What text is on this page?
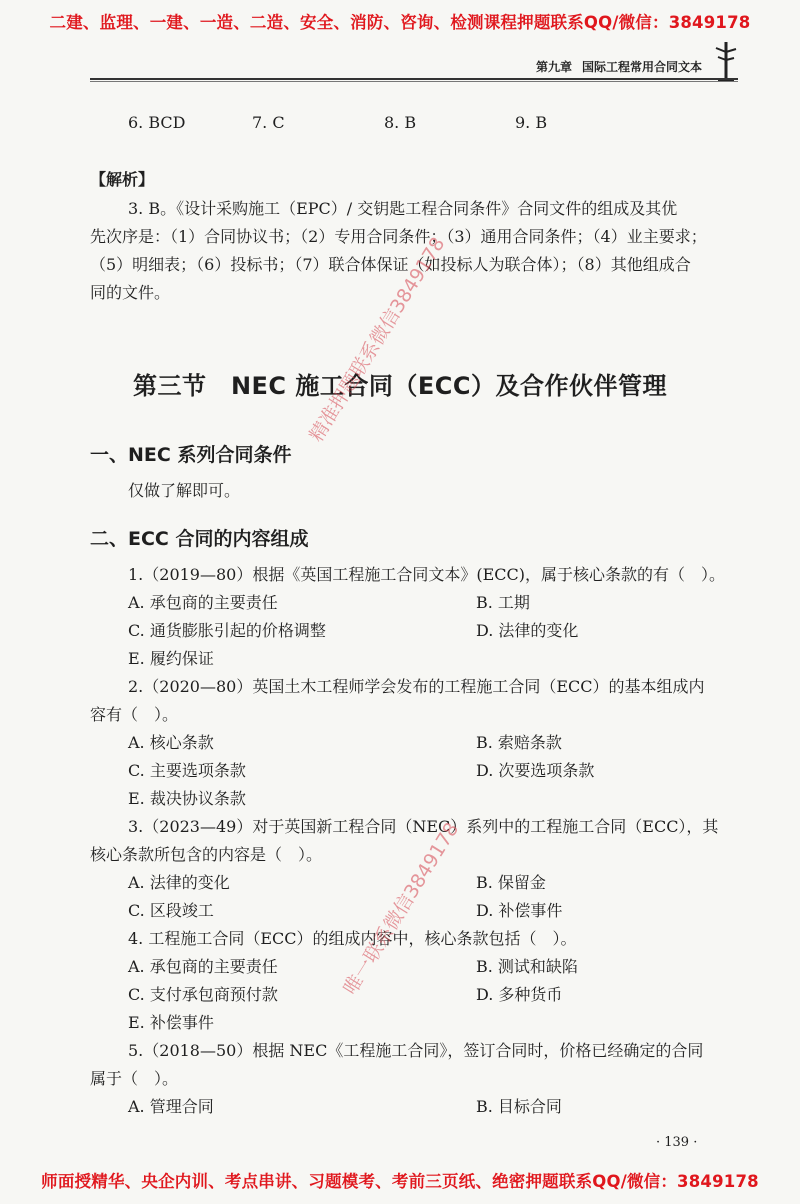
二建、监理、一建、一造、二造、安全、消防、咨询、检测课程押题联系QQ/微信：3849178
第九章 国际工程常用合同文本
6. BCD	7. C	8. B	9. B
【解析】
3. B。《设计采购施工（EPC）/ 交钥匙工程合同条件》合同文件的组成及其优
先次序是：（1）合同协议书；（2）专用合同条件；（3）通用合同条件；（4）业主要求；
（5）明细表；（6）投标书；（7）联合体保证（如投标人为联合体）；（8）其他组成合
同的文件。
第三节　NEC 施工合同（ECC）及合作伙伴管理
一、NEC 系列合同条件
仅做了解即可。
二、ECC 合同的内容组成
1.（2019—80）根据《英国工程施工合同文本》(ECC)，属于核心条款的有（　）。
A. 承包商的主要责任	B. 工期
C. 通货膨胀引起的价格调整	D. 法律的变化
E. 履约保证
2.（2020—80）英国土木工程师学会发布的工程施工合同（ECC）的基本组成内
容有（　）。
A. 核心条款	B. 索赔条款
C. 主要选项条款	D. 次要选项条款
E. 裁决协议条款
3.（2023—49）对于英国新工程合同（NEC）系列中的工程施工合同（ECC），其
核心条款所包含的内容是（　）。
A. 法律的变化	B. 保留金
C. 区段竣工	D. 补偿事件
4. 工程施工合同（ECC）的组成内容中，核心条款包括（　）。
A. 承包商的主要责任	B. 测试和缺陷
C. 支付承包商预付款	D. 多种货币
E. 补偿事件
5.（2018—50）根据 NEC《工程施工合同》，签订合同时，价格已经确定的合同
属于（　）。
A. 管理合同	B. 目标合同
精准押题联系微信3849178
唯一联系微信3849178
· 139 ·
师面授精华、央企内训、考点串讲、习题模考、考前三页纸、绝密押题联系QQ/微信：3849178
